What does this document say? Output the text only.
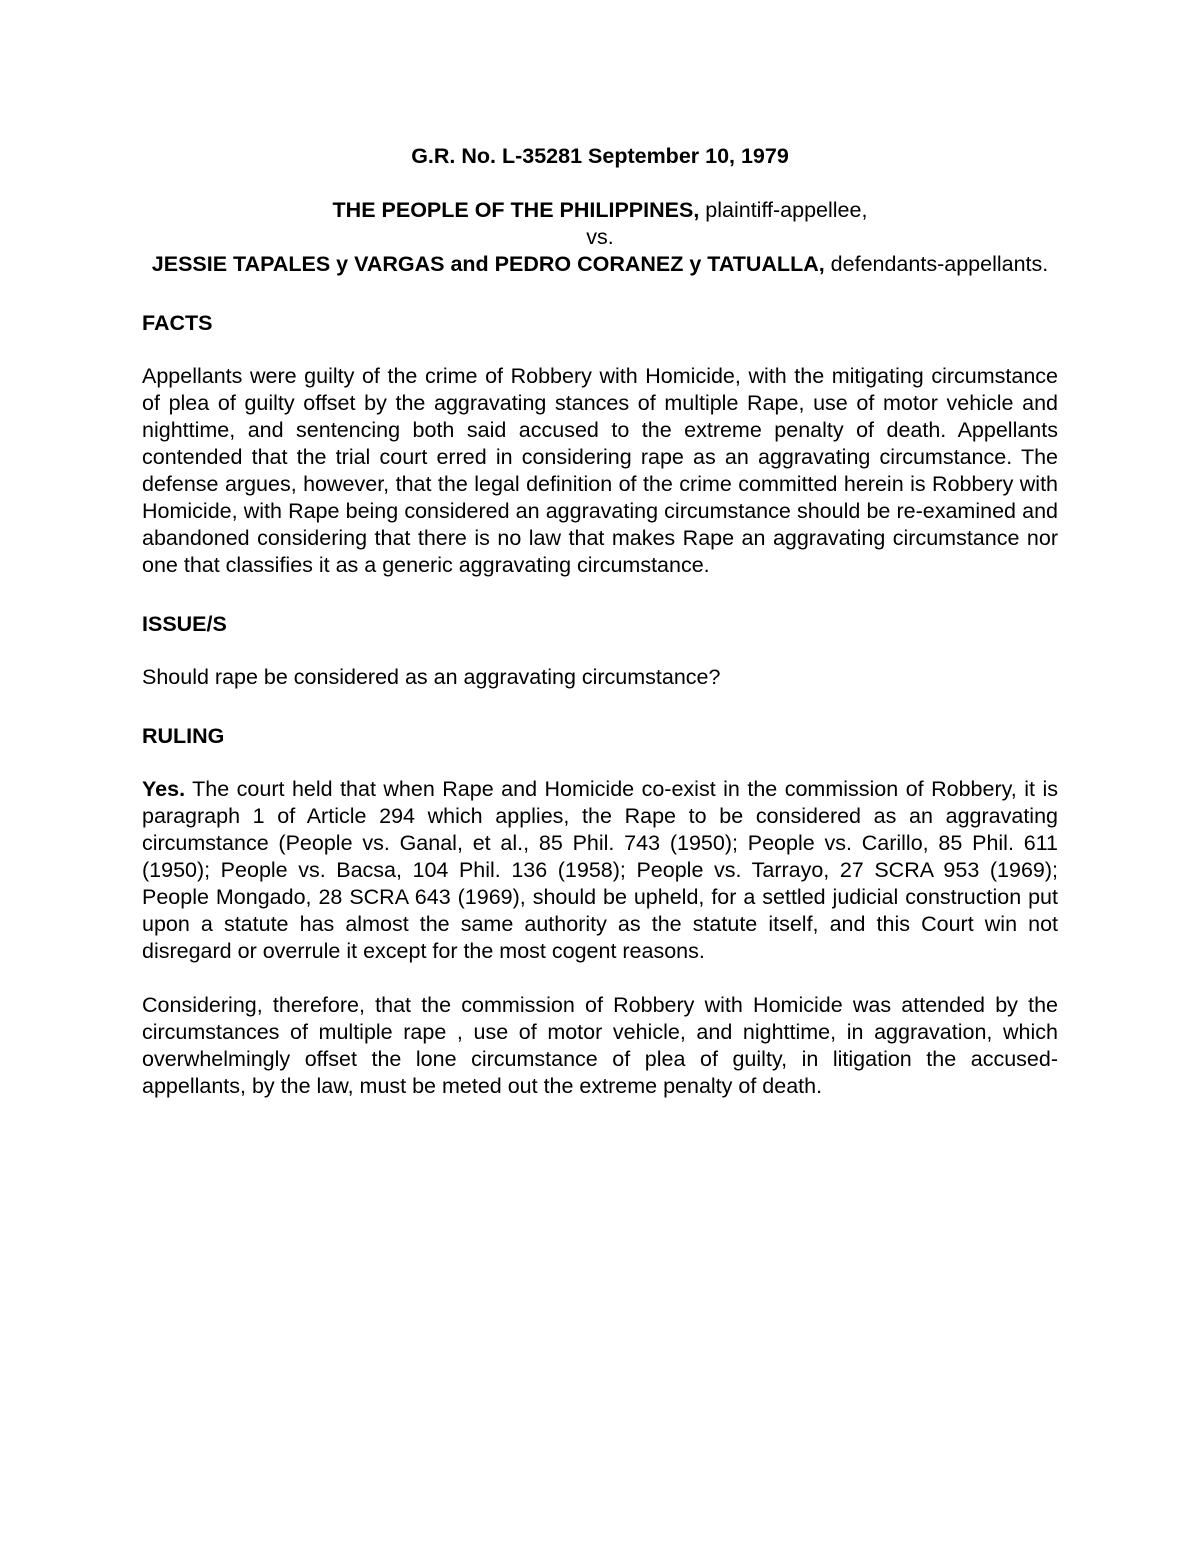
G.R. No. L-35281 September 10, 1979
THE PEOPLE OF THE PHILIPPINES, plaintiff-appellee,
vs.
JESSIE TAPALES y VARGAS and PEDRO CORANEZ y TATUALLA, defendants-appellants.
FACTS
Appellants were guilty of the crime of Robbery with Homicide, with the mitigating circumstance of plea of guilty offset by the aggravating stances of multiple Rape, use of motor vehicle and nighttime, and sentencing both said accused to the extreme penalty of death. Appellants contended that the trial court erred in considering rape as an aggravating circumstance. The defense argues, however, that the legal definition of the crime committed herein is Robbery with Homicide, with Rape being considered an aggravating circumstance should be re-examined and abandoned considering that there is no law that makes Rape an aggravating circumstance nor one that classifies it as a generic aggravating circumstance.
ISSUE/S
Should rape be considered as an aggravating circumstance?
RULING
Yes. The court held that when Rape and Homicide co-exist in the commission of Robbery, it is paragraph 1 of Article 294 which applies, the Rape to be considered as an aggravating circumstance (People vs. Ganal, et al., 85 Phil. 743 (1950); People vs. Carillo, 85 Phil. 611 (1950); People vs. Bacsa, 104 Phil. 136 (1958); People vs. Tarrayo, 27 SCRA 953 (1969); People Mongado, 28 SCRA 643 (1969), should be upheld, for a settled judicial construction put upon a statute has almost the same authority as the statute itself, and this Court win not disregard or overrule it except for the most cogent reasons.
Considering, therefore, that the commission of Robbery with Homicide was attended by the circumstances of multiple rape , use of motor vehicle, and nighttime, in aggravation, which overwhelmingly offset the lone circumstance of plea of guilty, in litigation the accused-appellants, by the law, must be meted out the extreme penalty of death.
